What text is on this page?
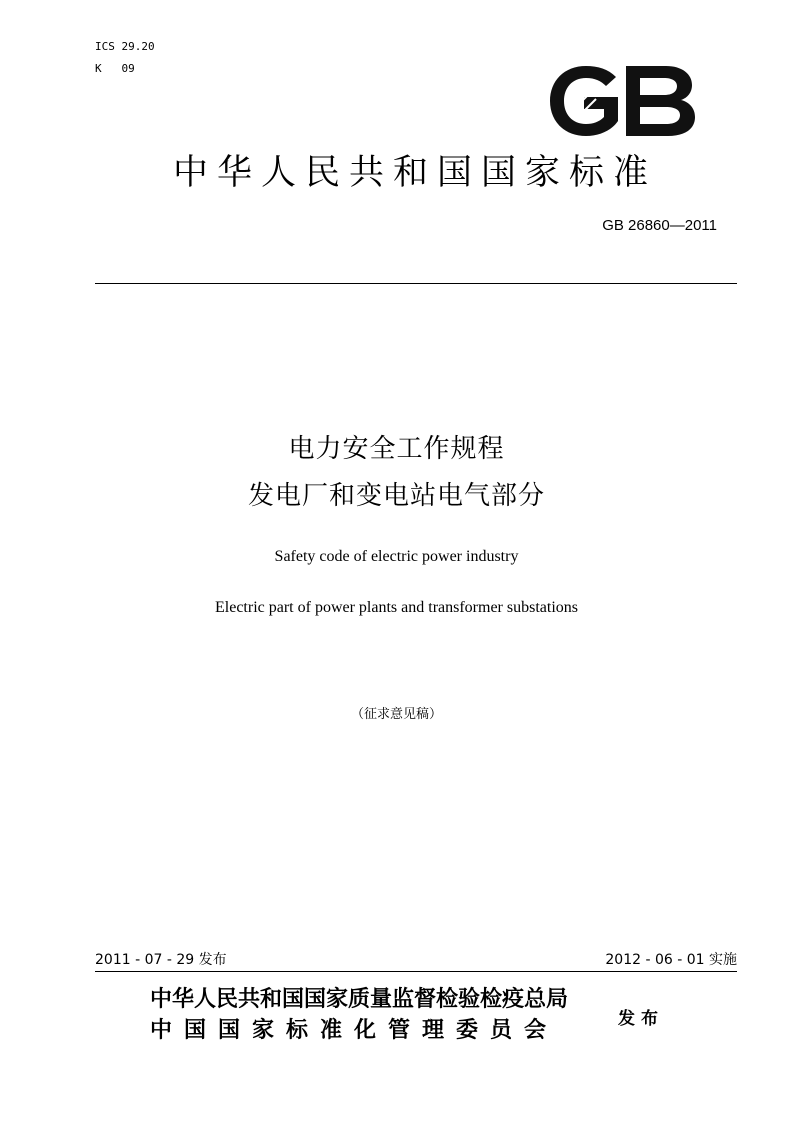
ICS 29.20
K   09
中华人民共和国国家标准
GB 26860—2011
电力安全工作规程
发电厂和变电站电气部分
Safety code of electric power industry
Electric part of power plants and transformer substations
（征求意见稿）
2011 - 07 - 29 发布	2012 - 06 - 01 实施
中华人民共和国国家质量监督检验检疫总局
中国国家标准化管理委员会	发布
